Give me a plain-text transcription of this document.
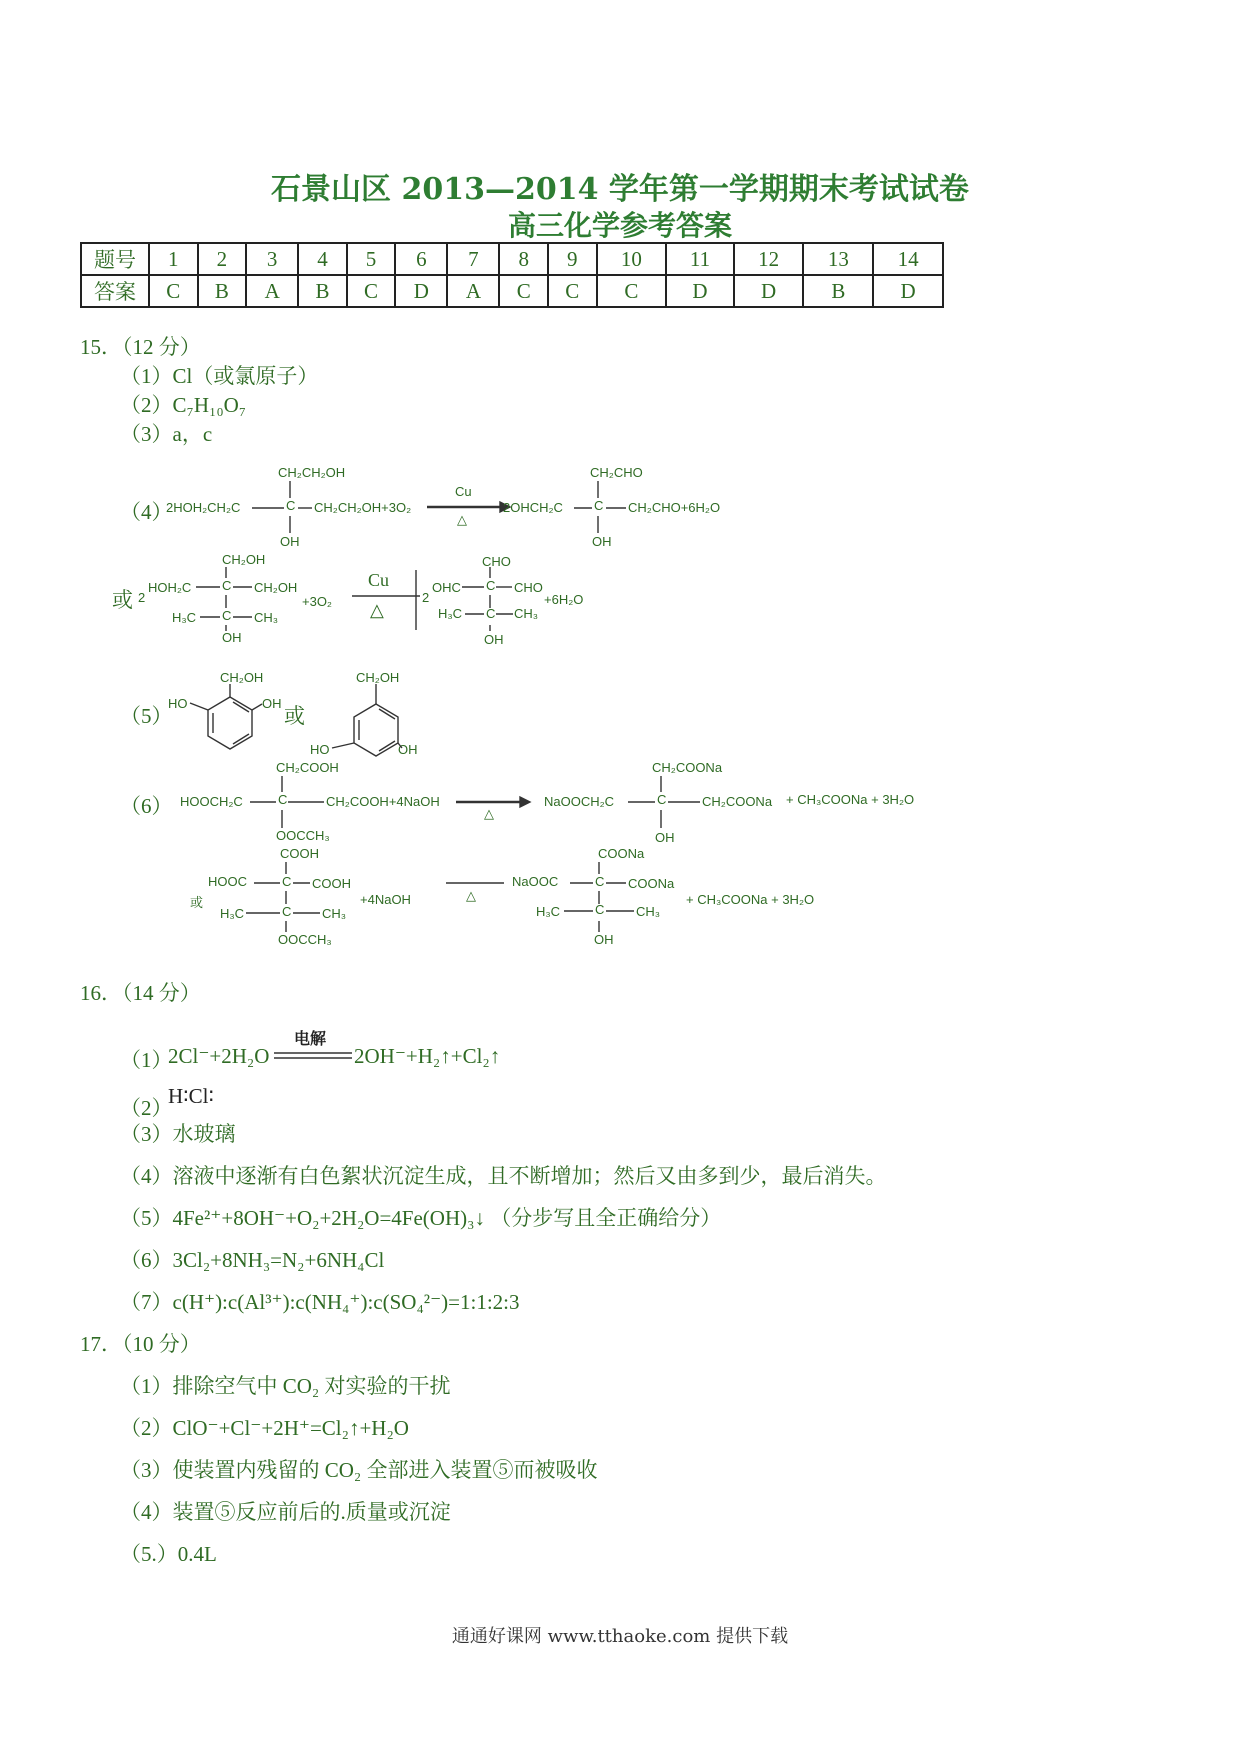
石景山区 2013—2014 学年第一学期期末考试试卷
高三化学参考答案
题号	1	2	3	4	5	6	7	8	9	10	11	12	13	14
答案	C	B	A	B	C	D	A	C	C	C	D	D	B	D
15．（12 分）
（1）Cl（或氯原子）
（2）C₇H₁₀O₇
（3）a，c
（4）
2HOH₂CH₂C
CH₂CH₂OH
C CH₂CH₂OH+3O₂
OH
Cu
△
2OHCH₂C
CH₂CHO
C CH₂CHO+6H₂O
OH
或 2
CH₂OH
HOH₂C C CH₂OH
+3O₂
H₃C C CH₃
OH
Cu
△
2
CHO
OHC C CHO
+6H₂O
H₃C C CH₃
OH
（5）
CH₂OH
HO	OH
或
CH₂OH
HO	OH
（6） HOOCH₂C
CH₂COOH
C	CH₂COOH+4NaOH
OOCCH₃
△
NaOOCH₂C
CH₂COONa
C	CH₂COONa + CH₃COONa + 3H₂O
OH
或
COOH
HOOC	C COOH
+4NaOH
H₃C	C CH₃
OOCCH₃
△
COONa
NaOOC	C COONa
+ CH₃COONa + 3H₂O
H₃C	C CH₃
OH
16．（14 分）
（1）
2Cl⁻+2H₂O
电解
2OH⁻+H₂↑+Cl₂↑
（2）
H∶Cl∶
（3）水玻璃
（4）溶液中逐渐有白色絮状沉淀生成，且不断增加；然后又由多到少，最后消失。
（5）4Fe²⁺+8OH⁻+O₂+2H₂O=4Fe(OH)₃↓ （分步写且全正确给分）
（6）3Cl₂+8NH₃=N₂+6NH₄Cl
（7）c(H⁺):c(Al³⁺):c(NH₄⁺):c(SO₄²⁻)=1:1:2:3
17．（10 分）
（1）排除空气中 CO₂ 对实验的干扰
（2）ClO⁻+Cl⁻+2H⁺=Cl₂↑+H₂O
（3）使装置内残留的 CO₂ 全部进入装置⑤而被吸收
（4）装置⑤反应前后的.质量或沉淀
（5.）0.4L
通通好课网 www.tthaoke.com 提供下载
